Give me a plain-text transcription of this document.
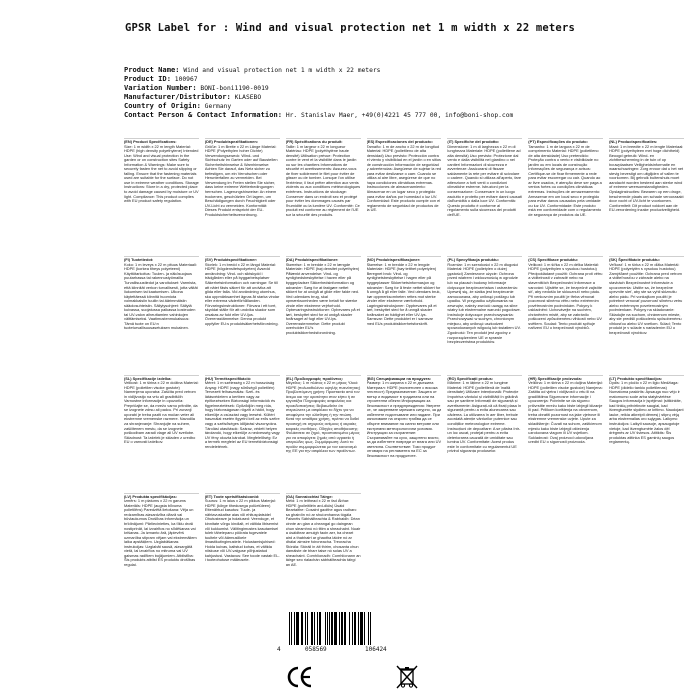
GPSR Label for : Wind and visual protection net 1 m width x 22 meters
Product Name: Wind and visual protection net 1 m width x 22 meters
Product ID: 100967
Variation Number: BONI-boni1190-0019
Manufacturer/Distributor: KLASEBO
Country of Origin: Germany
Contact Person & Contact Information: Hr. Stanislav Maer, +49(0)4221 45 777 00, info@boni-shop.com
(EN) Product Specifications:
Size: 1 m width x 22 m length Material: HDPE (high density polyethylene) Intended Use: Wind and visual protection in the garden or on construction sites Safety Information & Warnings: Make sure to securely fasten the net to avoid slipping or falling. Ensure that the fastening materials used are suitable for the surface. Do not use in extreme weather conditions. Storage Instructions: Store in a dry, protected place to avoid damage caused by moisture or UV light. Compliance: This product complies with EU product safety regulation.
(DE) Produktspezifikationen:
Größe: 1 m Breite x 22 m Länge Material: HDPE (Polyethylen hoher Dichte) Verwendungszweck: Wind- und Sichtschutz im Garten oder auf Baustellen Sicherheitshinweise & Warnhinweise: Achten Sie darauf, das Netz sicher zu befestigen, um ein Verrutschen oder Herunterfallen zu vermeiden. Bei Verwendung im Freien stellen Sie sicher, dass keine extreme Wetterbedingungen herrschen. Lagerungshinweise: An einem trockenen, geschützten Ort lagern, um Beschädigungen durch Feuchtigkeit oder UV-Licht zu vermeiden. Konformität: Dieses Produkt entspricht der EU-Produktsicherheitsverordnung.
(FR) Spécifications du produit:
Taille: 1 m largeur x 22 m longueur Matériau: HDPE (polyéthylène haute densité) Utilisation prévue: Protection contre le vent et la visibilité dans le jardin ou sur les chantiers Informations de sécurité et avertissements: Assurez-vous de fixer solidement le filet pour éviter de glisser ou de tomber. Lorsque l'on utilise l'extérieur, il faut prêter attention aux vents violents ou aux conditions météorologiques extrêmes. Instructions de stockage: Conserver dans un endroit sec et protégé pour éviter les dommages causés par l'humidité ou la lumière UV. Conformité: Ce produit est conforme au règlement de l'UE sur la sécurité des produits.
(ES) Especificaciones del producto:
Tamaño: 1 m de ancho x 22 m de longitud Material: HDPE (polietileno de alta densidad) Uso previsto: Protección contra el viento y visibilidad en el jardín o en sitios de construcción Información de seguridad y advertencias: Asegúrese de sujetar la red para evitar deslizarse o caer. Cuando se utiliza al aire libre, asegúrese de que no haya condiciones climáticas extremas. Instrucciones de almacenamiento: Almacenar en un lugar seco y protegido para evitar daños por humedad o luz UV. Conformidad: Este producto cumple con el reglamento de seguridad de productos de la UE.
(IT) Specifiche del prodotto:
Dimensione: 1 m di larghezza x 22 m di lunghezza Materiale: HDPE (polietilene ad alta densità) Uso previsto: Protezione dal vento e dalla visibilità nel giardino o nei cantieri Informazioni di sicurezza e avvertenze: Assicurarsi di fissare saldamente la rete per evitare di scivolare o cadere. Quando si utilizza all'aperto, fare attenzione a forti venti o condizioni climatiche estreme. Istruzioni per la conservazione: Conservare in un luogo asciutto e protetto per evitare danni causati dall'umidità o dalla luce UV. Conformità: Questo prodotto è conforme al regolamento sulla sicurezza dei prodotti dell'UE.
(PT) Especificações do produto:
Tamanho: 1 m de largura x 22 m de comprimento Material: HDPE (polietileno de alta densidade) Uso pretendido: Proteção contra o vento e visibilidade no jardim ou em locais de construção Informações de segurança e avisos: Certifique-se de fixar firmemente a rede para evitar escorregar ou cair. Quando ao ar livre usados, é atenção deve ser paga a ventos fortes ou condições climáticas extremas. Instruções de armazenamento: Armazenar em um local seco e protegido para evitar danos causados pela umidade ou luz UV. Conformidade: Este produto está em conformidade com o regulamento de segurança de produtos da UE.
(NL) Productspecificaties:
Maat: 1 m breedte x 22 m lengte Materiaal: HDPE (polyethyleen met hoge dichtheid) Beoogd gebruik: Wind- en zichtbescherming in de tuin of op bouwplaatsen Veiligheidsinformatie en waarschuwingen: Zorg ervoor dat u het net stevig bevestigt om uitglijden of vallen te voorkomen. Bij gebruik buitenshuis moet aandacht worden besteed aan sterke wind of extreme weersomstandigheden. Opslaginstructies: Bewaren op een droge, beschermde plaats om schade veroorzaakt door vocht of UV-licht te voorkomen. Conformiteit: Dit product voldoet aan de EU-verordening inzake productveiligheid.
(FI) Tuotetiedot:
Koko: 1 m leveys x 22 m pituus Materiaali: HDPE (korkea tiheys polyeteeni) Käyttötarkoitus: Tuulen- ja näkösuojaus puutarhassa tai rakennustyömailla Turvallisuustiedot ja varoitukset: Varmista, että kiinnität verkon turvallisesti, jotta vältät liukumisen tai kaatumisen. Ulkona käytettäessä kiinnitä huomiota voimakkaisiin tuuliin tai äärimmäisiin sääolosuhteisiin. Säilytysohjeet: Säilytä kuivassa, suojatussa paikassa kosteuden tai UV-valon aiheuttamien vahinkojen välttämiseksi. Vaatimustenmukaisuus: Tämä tuote on EU:n tuoteturvallisuusasetuksen mukainen.
(SV) Produktspecifikationer:
Storlek: 1 m bredd x 22 m längd Material: HDPE (högdensitetspolyeten) Avsedd användning: Vind- och siktskydd i trädgården eller på byggarbetsplatser Säkerhetsinformation och varningar: Se till att nätet fästs säkert för att undvika att glida eller falla. Vid användning utomhus, ska uppmärksamhet ägnas åt starka vindar eller extrema väderförhållanden. Förvaringsinstruktioner: Förvara i ett torrt, skyddat ställe för att undvika skador som orsakas av fukt eller UV-ljus. Överensstämmelse: Denna produkt uppfyller EU:s produktsäkerhetsförordning.
(DA) Produktspecifikationer:
Størrelse: 1 m bredde x 22 m længde Materiale: HDPE (høj densitet polyethylen) Påtænkt anvendelse: Vind- og synlighedsbeskyttelse i haven eller på byggepladser Sikkerhedsinformation og advarsler: Sørg for at fastgøre nettet sikkert for at undgå at glide eller falde ned. Ved udendørs brug, skal opmærksomheden være betalt for stærke vinde eller ekstreme vejrforhold. Opbevaringsinstruktioner: Opbevares på et tørt, beskyttet sted for at undgå skader forårsaget af fugt eller UV-lys. Overensstemmelse: Dette produkt overholder EU's produktsikkerhedsforordning.
(NO) Produktspesifikasjoner:
Størrelse: 1 m bredde x 22 m lengde Materiale: HDPE (høy tetthet polyetylen) Beregnet bruk: Vind- og synlighetsbeskyttelse i hagen eller på byggeplasser Sikkerhetsinformasjon og advarsler: Sørg for å feste nettet sikkert for å unngå å gli eller falle. Ved utendørs bruk, bør oppmerksomheten rettes mot sterke vinder eller ekstreme værforhold. Lagringsinstruksjoner: Oppbevares på et tørt, beskyttet sted for å unngå skader forårsaket av fuktighet eller UV-lys. Samsvar: Dette produktet er i samsvar med EUs produktsikkerhetsforskrift.
(PL) Specyfikacja produktu:
Rozmiar: 1 m szerokości x 22 m długości Materiał: HDPE (polietylen o dużej gęstości) Zamierzone użycie: Ochrona przed wiatrem i widocznością w ogrodzie lub na placach budowy Informacje dotyczące bezpieczeństwa i ostrzeżenia: Upewnij się, że siatka jest bezpiecznie zamocowana, aby uniknąć poślizgu lub upadku. W przypadku użytkowania na zewnątrz, należy zwrócić uwagę na silne wiatry lub ekstremalne warunki pogodowe. Instrukcje dotyczące przechowywania: Przechowywać w suchym, chronionym miejscu, aby uniknąć uszkodzeń spowodowanych wilgocią lub światłem UV. Zgodność: Ten produkt jest zgodny z rozporządzeniem UE w sprawie bezpieczeństwa produktów.
(CS) Specifikace produktu:
Velikost: 1 m šířka x 22 m délka Materiál: HDPE (polyethylen s vysokou hustotou) Předpokládané použití: Ochrana proti větru a viditelnosti v zahradě nebo na staveništích Bezpečnostní informace a varování: Ujistěte se, že bezpečně zajistíte síť, aby nedošlo ke sklouznutí nebo pádu. Při venkovním použití je třeba věnovat pozornost silnému větru nebo extrémním povětrnostním podmínkám. Pokyny k uskladnění: Uchovávejte na suchém, chráněném místě, aby se zabránilo poškození způsobenému vlhkostí nebo UV světlem. Soulad: Tento produkt splňuje nařízení EU o bezpečnosti výrobků.
(SK) Špecifikácie produktu:
Veľkosť: 1 m šírka x 22 m dĺžka Materiál: HDPE (polyetylén s vysokou hustotou) Zamýšľané použitie: Ochrana pred vetrom a viditeľnosťou v záhrade alebo na stavbách Bezpečnostné informácie a upozornenia: Uistite sa, že bezpečne upevníte sieť, aby ste sa vyhli skĺznutiu alebo pádu. Pri vonkajšom použití je potrebné venovať pozornosť silnému vetru alebo extrémnym poveternostným podmienkam. Pokyny na skladovanie: Skladujte na suchom, chránenom mieste, aby ste predišli poškodeniu spôsobenému vlhkosťou alebo UV svetlom. Súlad: Tento produkt je v súlade s nariadením EÚ o bezpečnosti výrobkov.
(SL) Specifikacije izdelka:
Velikost: 1 m širina x 22 m dolžina Material: HDPE (polietilen visoke gostote) Namenjena uporaba: Zaščita pred vetrom in vidljivostjo na vrtu ali gradbiščih Varnostne informacije in opozorila: Prepričajte se, da mrežo varno pritrdite, da se izognete zdrsu ali padcu. Pri zunanji uporabi je treba paziti na močan veter ali ekstremne vremenske razmere. Navodila za shranjevanje: Shranjujte na suhem, zaščitenem mestu, da se izognete poškodbam zaradi vlage ali UV svetlobe. Skladnost: Ta izdelek je skladen z uredbo EU o varnosti izdelkov.
(HU) Termékspecifikáció:
Méret: 1 m szélesség x 22 m hosszúság Anyag: HDPE (nagy sűrűségű polietilén) Tervezett felhasználás: Szél- és látásvédelem a kertben vagy az építkezéseken Biztonsági információk és figyelmeztetések: Győződjön meg róla, hogy biztonságosan rögzíti a hálót, hogy elkerülje a csúszást vagy leesést. Kültéri használat esetén figyelni kell az erős szélre vagy a szélsőséges időjárási viszonyokra. Tárolási utasítások: Száraz, védett helyen tárolandó, hogy elkerülje a nedvesség vagy UV fény okozta károkat. Megfelelőség: Ez a termék megfelel az EU termékbiztonsági rendeletének.
(EL) Προδιαγραφές προϊόντος:
Μέγεθος: 1 m πλάτος x 22 m μήκος Υλικό: HDPE (πολυαιθυλένιο υψηλής πυκνότητας) Προβλεπόμενη χρήση: Προστασία από τον άνεμο και την ορατότητα στον κήπο ή σε εργοτάξια Πληροφορίες ασφαλείας και προειδοποιήσεις: Βεβαιωθείτε ότι στερεώνετε με ασφάλεια το δίχτυ για να αποφύγετε την ολίσθηση ή την πτώση. Κατά την υπαίθρια χρήση, πρέπει να δοθεί προσοχή σε ισχυρούς ανέμους ή ακραίες καιρικές συνθήκες. Οδηγίες αποθήκευσης: Φυλάσσετε σε ξηρό, προστατευμένο μέρος για να αποφύγετε ζημιές από υγρασία ή υπεριώδες φως. Συμμόρφωση: Αυτό το προϊόν συμμορφώνεται με τον κανονισμό της ΕΕ για την ασφάλεια των προϊόντων.
(BG) Спецификации на продукта:
Размер: 1 m ширина x 22 m дължина Материал: HDPE (полиетилен с висока плътност) Предназначение: Защита от вятър и видимост в градината или на строителни обекти Информация за безопасност и предупреждения: Уверете се, че закрепвате мрежата сигурно, за да избегнете подхлъзване или падане. При използване на открито трябва да се обърне внимание на силни ветрове или екстремни метеорологични условия. Инструкции за съхранение: Съхранявайте на сухо, защитено място, за да избегнете повреди от влага или UV светлина. Съответствие: Този продукт отговаря на регламента на ЕС за безопасност на продуктите.
(RO) Specificații produs:
Mărime: 1 m lățime x 22 m lungime Material: HDPE (polietilenă de înaltă densitate) Utilizare intenționată: Protecție împotriva vântului și vizibilității în grădină sau pe șantiere Informații de siguranță și avertismente: Asigurați-vă că fixați plasa în siguranță pentru a evita alunecarea sau căderea. La utilizarea în aer liber, trebuie acordată atenție vânturilor puternice sau condițiilor meteorologice extreme. Instrucțiuni de depozitare: A se păstra într-un loc uscat, protejat pentru a evita deteriorarea cauzată de umiditate sau lumina UV. Conformitate: Acest produs este în conformitate cu regulamentul UE privind siguranța produselor.
(HR) Specifikacije proizvoda:
Veličina: 1 m širina x 22 m duljina Materijal: HDPE (polietilen visoke gustoće) Namjena: Zaštita od vjetra i vidljivosti u vrtu ili na gradilištima Sigurnosne informacije i upozorenja: Pobrinite se da sigurno pričvrstite mrežu kako biste izbjegli klizanje ili pad. Prilikom korištenja na otvorenom, treba obratiti pozornost na jake vjetrove ili ekstremne vremenske uvjete. Upute za skladištenje: Čuvati na suhom, zaštićenom mjestu kako biste izbjegli oštećenja uzrokovana vlagom ili UV svjetlom. Sukladnost: Ovaj proizvod udovoljava uredbi EU o sigurnosti proizvoda.
(LT) Produkto specifikacijos:
Dydis: 1 m pločio x 22 m ilgio Medžiaga: HDPE (didelio tankio polietilenas) Numatoma paskirtis: Apsauga nuo vėjo ir matomumo sode arba statybvietėse Saugos informacija ir įspėjimai: Įsitikinkite, kad tinklą pritvirtinote saugiai, kad išvengtumėte slydimo ar kritimo. Naudojant lauke, reikia atkreipti dėmesį į stiprų vėją arba ekstremalias oro sąlygas. Laikymo instrukcijos: Laikyti sausoje, apsaugotoje vietoje, kad išvengtumėte žalos dėl drėgmės ar UV šviesos. Atitiktis: Šis produktas atitinka ES gaminių saugos reglamentą.
(LV) Produkta specifikācijas:
Izmērs: 1 m platums x 22 m garums Materiāls: HDPE (augsta blīvuma polietilēns) Paredzētā lietošana: Vēja un redzamības aizsardzība dārzā vai būvlaukumos Drošības informācija un brīdinājumi: Pārliecinieties, ka tīklu droši nostiprināt, lai izvairītos no slīdēšanas vai krišanas. Ja izmanto ārā, jāpievērš uzmanība stipram vējam vai ekstremāliem laika apstākļiem. Uzglabāšanas instrukcijas: Uzglabāt sausā, aizsargātā vietā, lai izvairītos no mitruma vai UV gaismas radītiem bojājumiem. Atbilstība: Šis produkts atbilst ES produktu drošības regulai.
(ET) Toote spetsifikatsioonid:
Suurus: 1 m laius x 22 m pikkus Materjal: HDPE (kõrge tihedusega polüetüleen) Ettenähtud kasutus: Tuule- ja nähtavuskaitse aias või ehitusplatsidel Ohutusteave ja hoiatused: Veenduge, et kinnitate võrgu kindlalt, et vältida libisemist või kukkumist. Välitingimustes kasutamisel tuleb tähelepanu pöörata tugevatele tuultele või äärmuslikele ilmastikutingimustele. Hoiustamisjuhised: Hoida kuivas, kaitstud kohas, et vältida niiskuse või UV-valguse põhjustatud kahjustusi. Vastavus: See toode vastab EL-i tooteohutuse määrusele.
(GA) Sonraíochtaí Táirge:
Méid: 1 m leithead x 22 m fad Ábhar: HDPE (poileitiléin ard-dlúis) Úsáid Beartaithe: Cosaint gaoithe agus radharc sa ghairdín nó ar shuíomhanna tógála Faisnéis Sábháilteachta & Rabhaidh: Déan cinnte an glan a cheangal go daingean chun sleamhnú nó titim a sheachaint. Nuair a úsáidtear amuigh faoin aer, ba cheart aird a thabhairt ar ghaotha láidre nó ar dhálaí aimsire foircneacha. Treoracha Stórála: Stóráil in áit thirim, chosanta chun damáiste de bharr taise nó solas UV a sheachaint. Comhlíonadh: Comhlíonann an táirge seo rialachán sábháilteachta táirgí an AE.
4	058569	106424
